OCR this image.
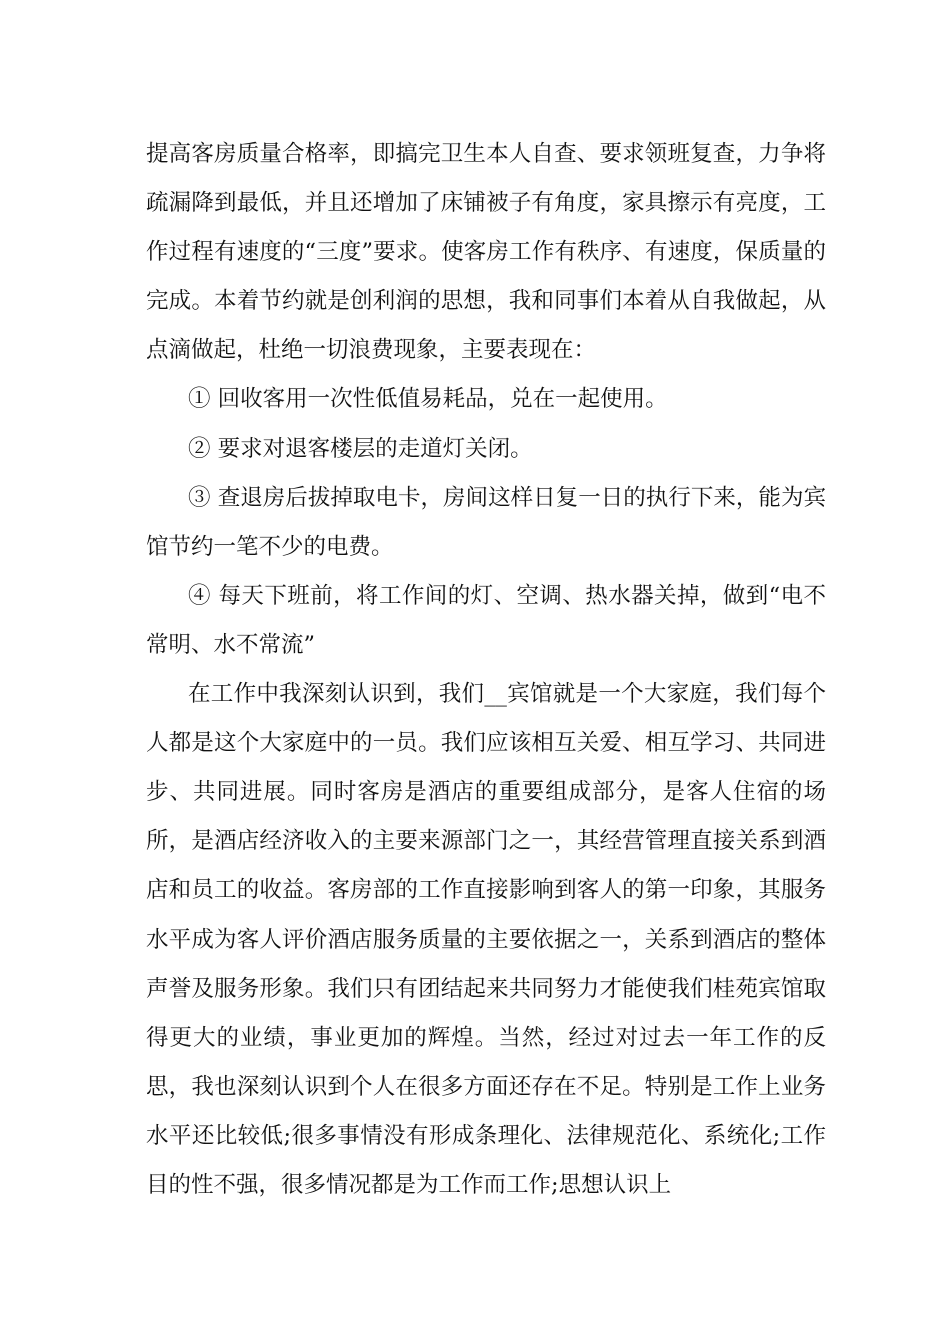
提高客房质量合格率，即搞完卫生本人自查、要求领班复查，力争将疏漏降到最低，并且还增加了床铺被子有角度，家具擦示有亮度，工作过程有速度的“三度”要求。使客房工作有秩序、有速度，保质量的完成。本着节约就是创利润的思想，我和同事们本着从自我做起，从点滴做起，杜绝一切浪费现象，主要表现在：

① 回收客用一次性低值易耗品，兑在一起使用。

② 要求对退客楼层的走道灯关闭。

③ 查退房后拔掉取电卡，房间这样日复一日的执行下来，能为宾馆节约一笔不少的电费。

④ 每天下班前，将工作间的灯、空调、热水器关掉，做到“电不常明、水不常流”

在工作中我深刻认识到，我们__宾馆就是一个大家庭，我们每个人都是这个大家庭中的一员。我们应该相互关爱、相互学习、共同进步、共同进展。同时客房是酒店的重要组成部分，是客人住宿的场所，是酒店经济收入的主要来源部门之一，其经营管理直接关系到酒店和员工的收益。客房部的工作直接影响到客人的第一印象，其服务水平成为客人评价酒店服务质量的主要依据之一，关系到酒店的整体声誉及服务形象。我们只有团结起来共同努力才能使我们桂苑宾馆取得更大的业绩，事业更加的辉煌。当然，经过对过去一年工作的反思，我也深刻认识到个人在很多方面还存在不足。特别是工作上业务水平还比较低;很多事情没有形成条理化、法律规范化、系统化;工作目的性不强，很多情况都是为工作而工作;思想认识上
